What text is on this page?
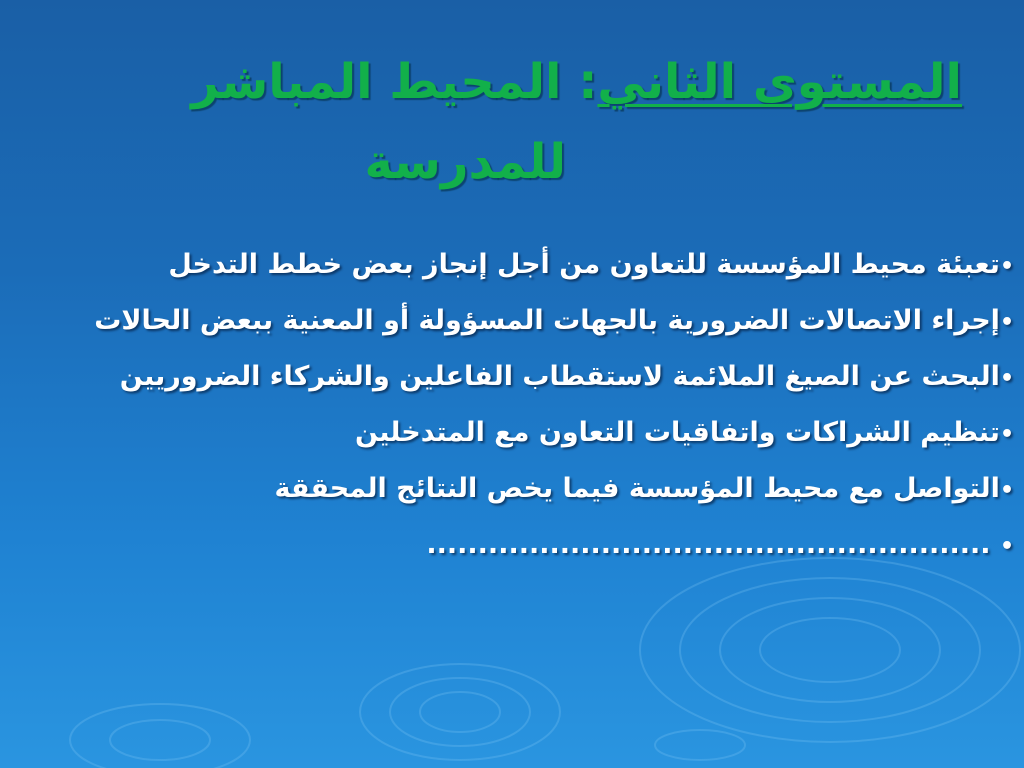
المستوى الثاني: المحيط المباشر
للمدرسة
•تعبئة محيط المؤسسة للتعاون من أجل إنجاز بعض خطط التدخل
•إجراء الاتصالات الضرورية بالجهات المسؤولة أو المعنية ببعض الحالات
•البحث عن الصيغ الملائمة لاستقطاب الفاعلين والشركاء الضروريين
•تنظيم الشراكات واتفاقيات التعاون مع المتدخلين
•التواصل مع محيط المؤسسة فيما يخص النتائج المحققة
• .......................................................
